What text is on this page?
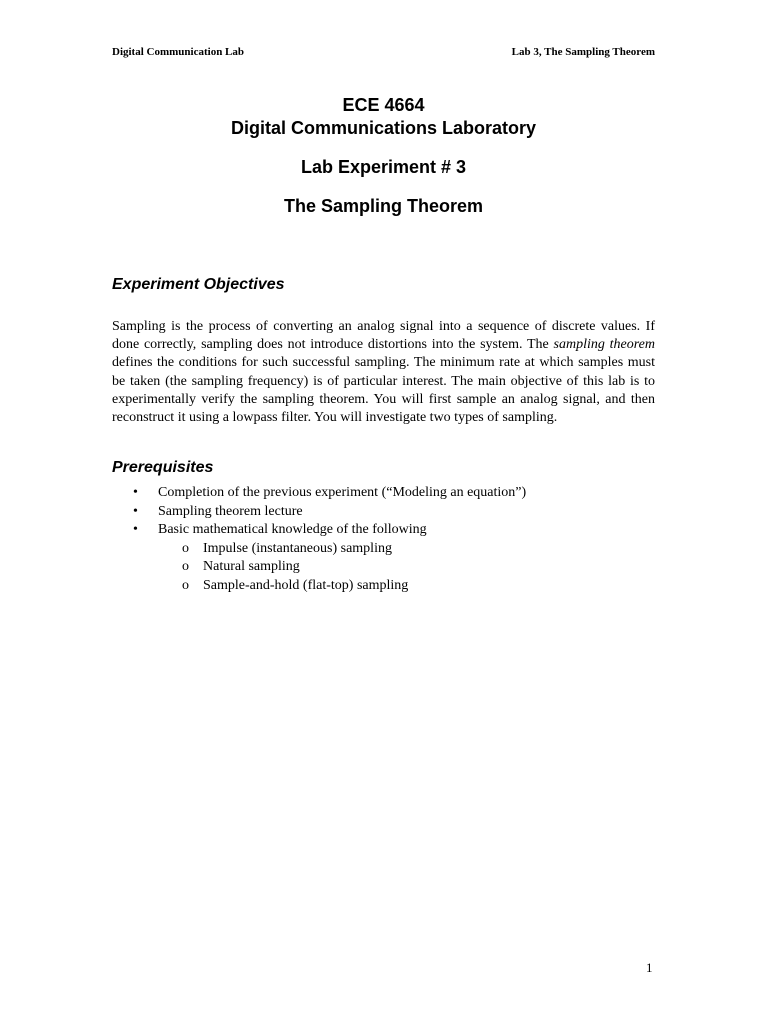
Digital Communication Lab	Lab 3, The Sampling Theorem
ECE 4664
Digital Communications Laboratory
Lab Experiment # 3
The Sampling Theorem
Experiment Objectives

Sampling is the process of converting an analog signal into a sequence of discrete values. If done correctly, sampling does not introduce distortions into the system. The sampling theorem defines the conditions for such successful sampling. The minimum rate at which samples must be taken (the sampling frequency) is of particular interest. The main objective of this lab is to experimentally verify the sampling theorem. You will first sample an analog signal, and then reconstruct it using a lowpass filter. You will investigate two types of sampling.

Prerequisites
• Completion of the previous experiment (“Modeling an equation”)
• Sampling theorem lecture
• Basic mathematical knowledge of the following
o Impulse (instantaneous) sampling
o Natural sampling
o Sample-and-hold (flat-top) sampling
1
